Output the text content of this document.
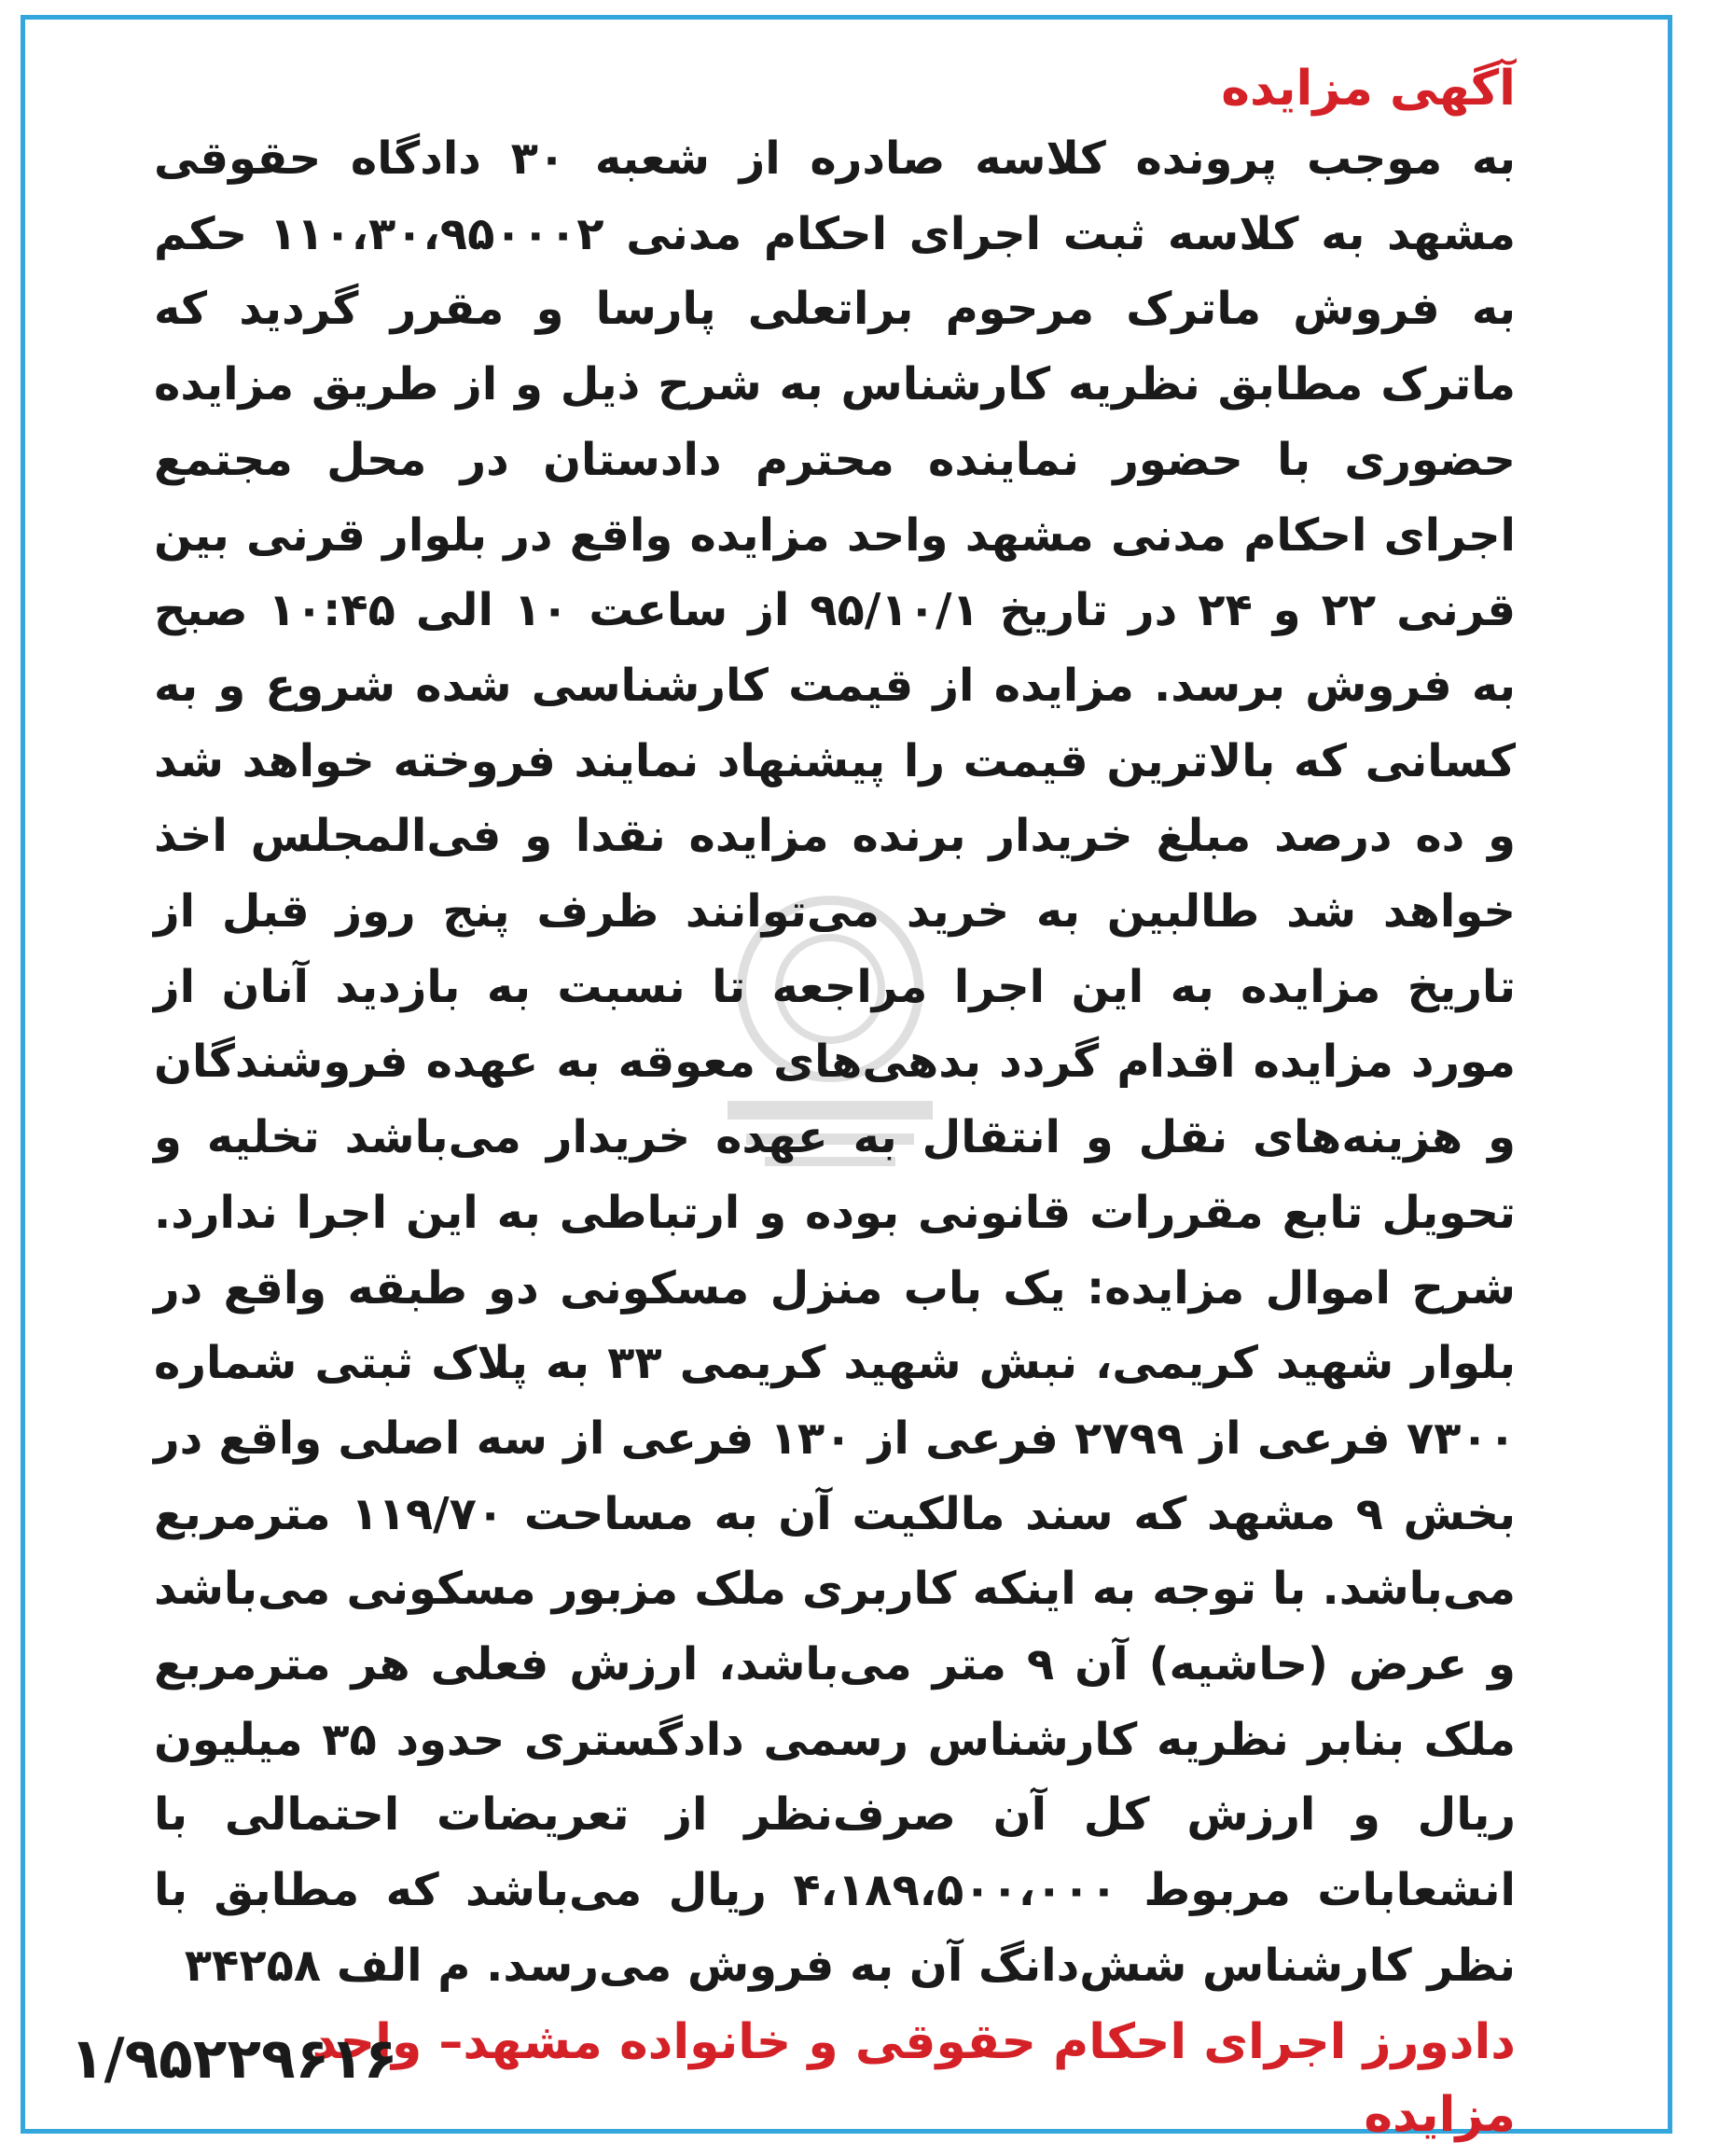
آگهی مزایده

به موجب پرونده کلاسه صادره از شعبه ۳۰ دادگاه حقوقی مشهد به کلاسه ثبت اجرای احکام مدنی ۱۱۰،۳۰،۹۵۰۰۰۲ حکم به فروش ماترک مرحوم براتعلی پارسا و مقرر گردید که ماترک مطابق نظریه کارشناس به شرح ذیل و از طریق مزایده حضوری با حضور نماینده محترم دادستان در محل مجتمع اجرای احکام مدنی مشهد واحد مزایده واقع در بلوار قرنی بین قرنی ۲۲ و ۲۴ در تاریخ ۹۵/۱۰/۱ از ساعت ۱۰ الی ۱۰:۴۵ صبح به فروش برسد. مزایده از قیمت کارشناسی شده شروع و به کسانی که بالاترین قیمت را پیشنهاد نمایند فروخته خواهد شد و ده درصد مبلغ خریدار برنده مزایده نقدا و فی‌المجلس اخذ خواهد شد طالبین به خرید می‌توانند ظرف پنج روز قبل از تاریخ مزایده به این اجرا مراجعه تا نسبت به بازدید آنان از مورد مزایده اقدام گردد بدهی‌های معوقه به عهده فروشندگان و هزینه‌های نقل و انتقال به عهده خریدار می‌باشد تخلیه و تحویل تابع مقررات قانونی بوده و ارتباطی به این اجرا ندارد. شرح اموال مزایده: یک باب منزل مسکونی دو طبقه واقع در بلوار شهید کریمی، نبش شهید کریمی ۳۳ به پلاک ثبتی شماره ۷۳۰۰ فرعی از ۲۷۹۹ فرعی از ۱۳۰ فرعی از سه اصلی واقع در بخش ۹ مشهد که سند مالکیت آن به مساحت ۱۱۹/۷۰ مترمربع می‌باشد. با توجه به اینکه کاربری ملک مزبور مسکونی می‌باشد و عرض (حاشیه) آن ۹ متر می‌باشد، ارزش فعلی هر مترمربع ملک بنابر نظریه کارشناس رسمی دادگستری حدود ۳۵ میلیون ریال و ارزش کل آن صرف‌نظر از تعریضات احتمالی با انشعابات مربوط ۴،۱۸۹،۵۰۰،۰۰۰ ریال می‌باشد که مطابق با نظر کارشناس شش‌دانگ آن به فروش می‌رسد. م الف ۳۴۲۵۸

دادورز اجرای احکام حقوقی و خانواده مشهد– واحد مزایده
۱/۹۵۲۲۹۶۱۶
